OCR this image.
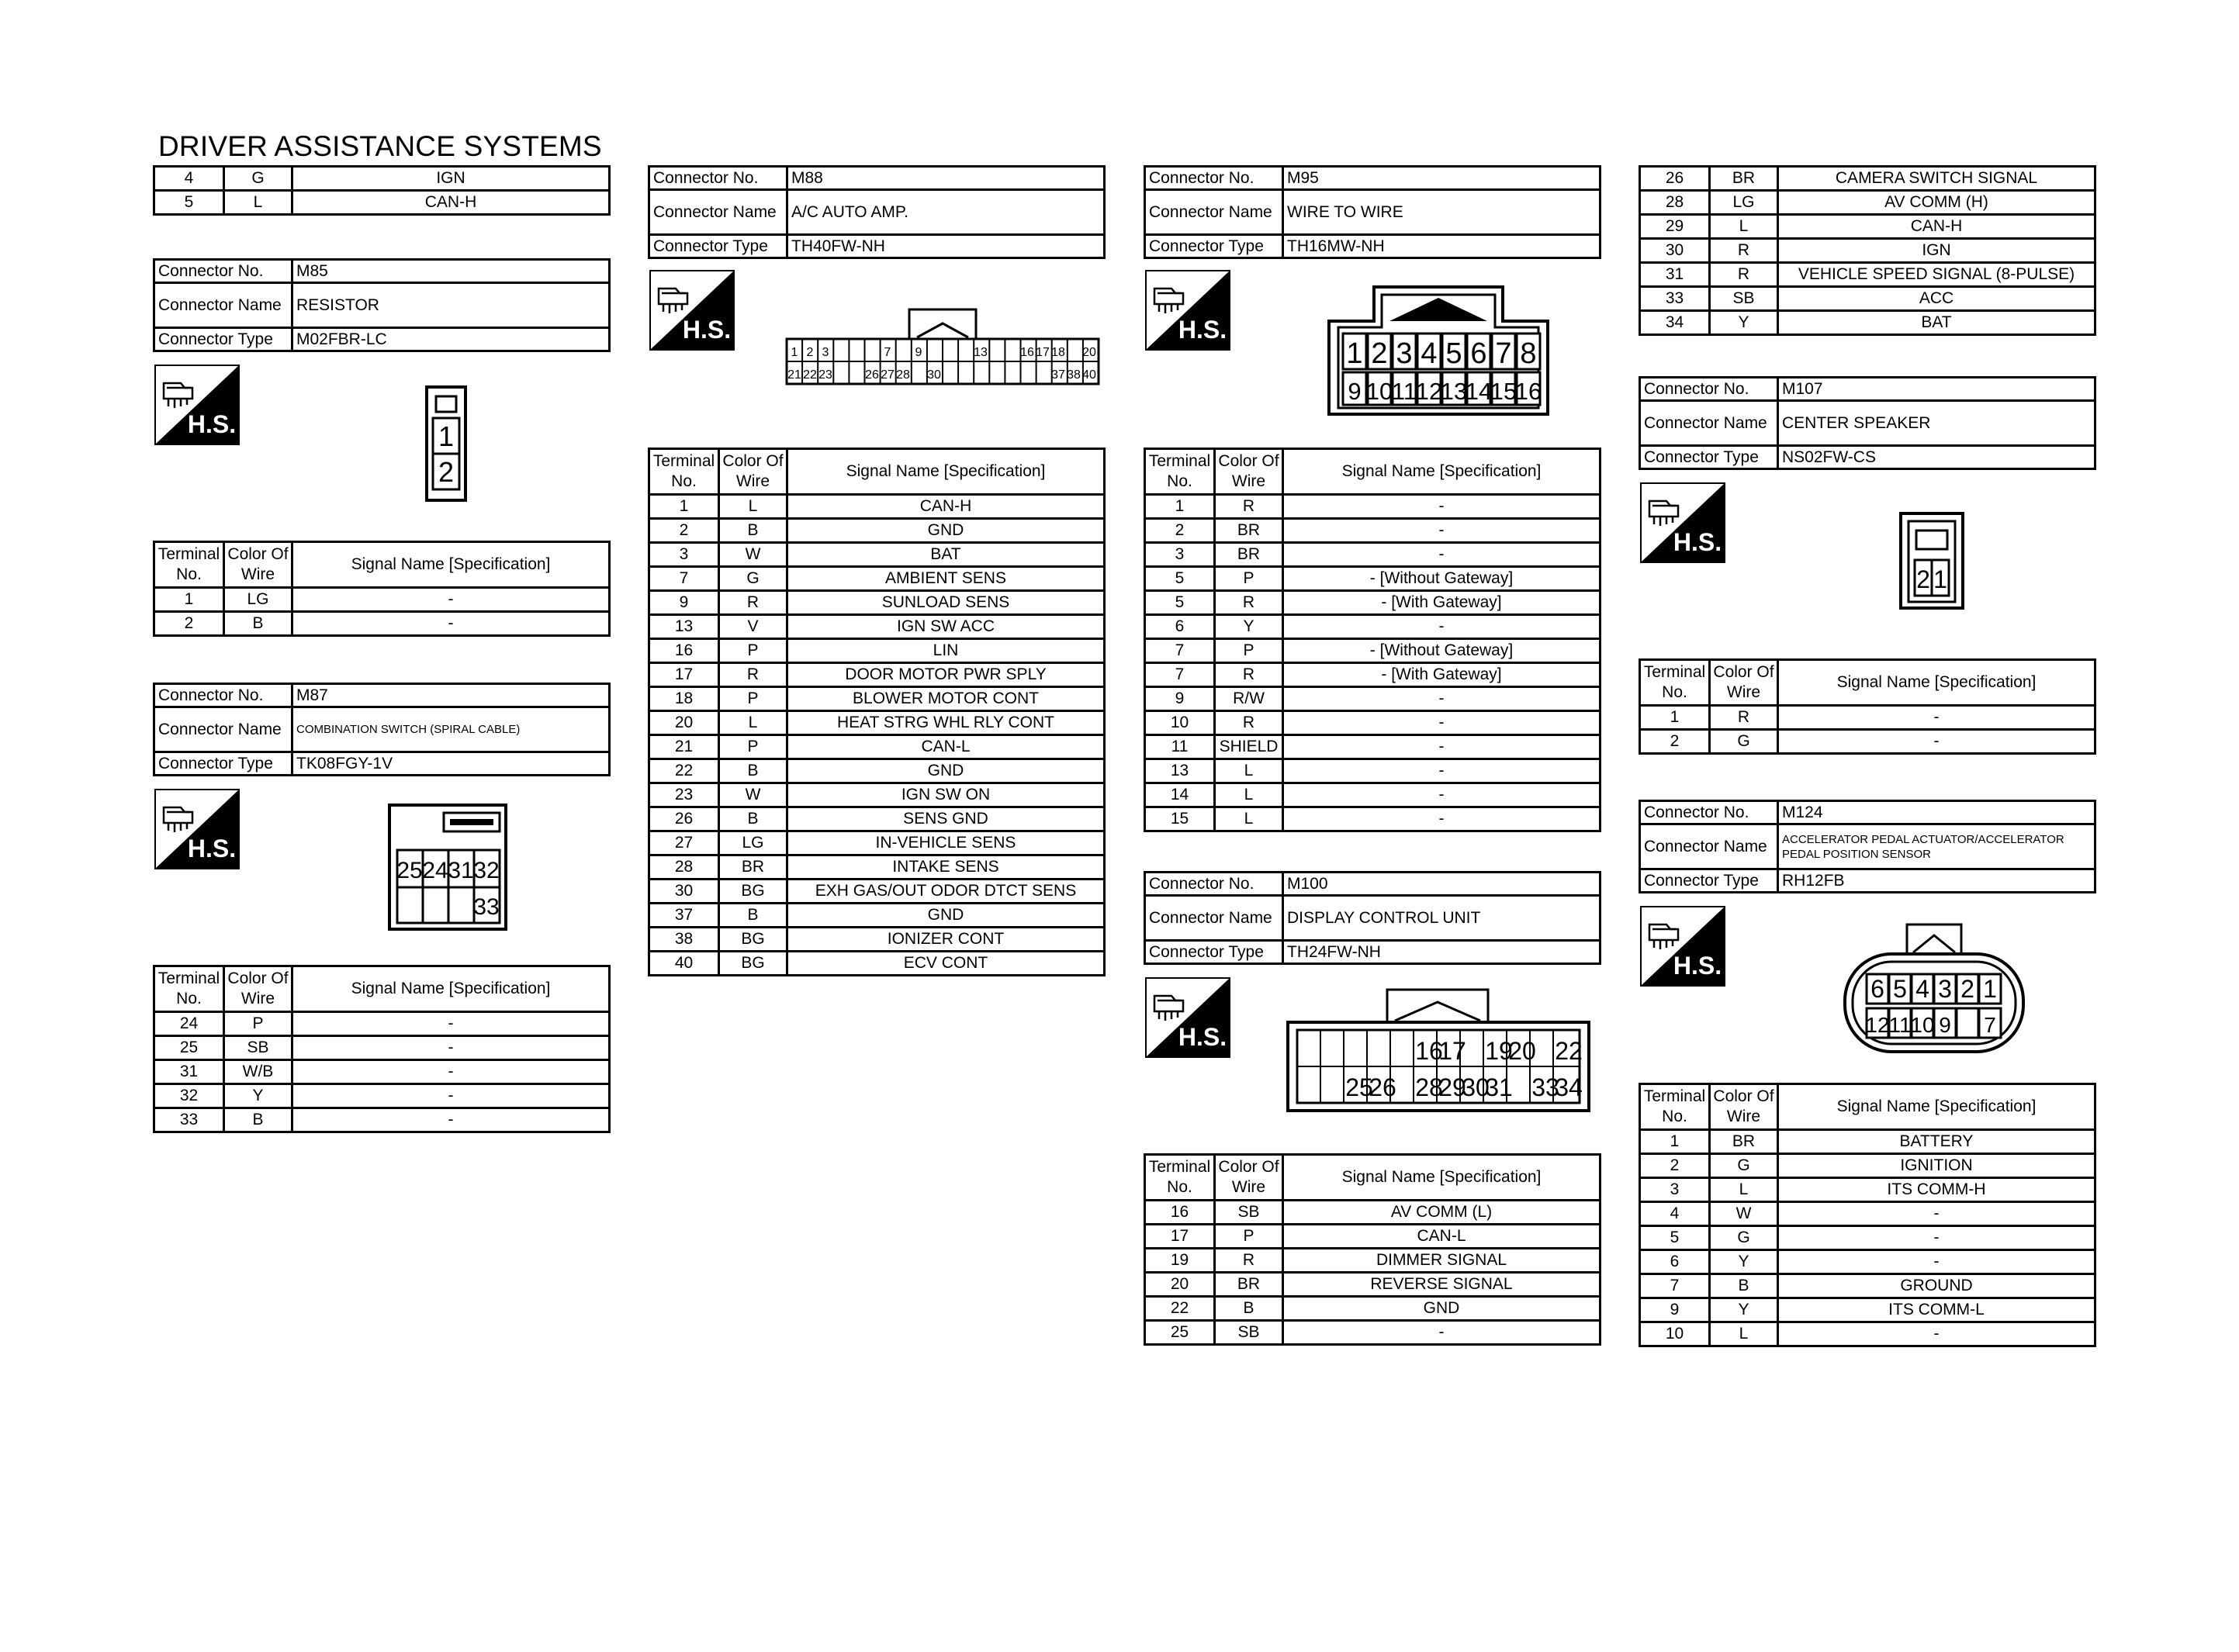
DRIVER ASSISTANCE SYSTEMS
4	G	IGN
5	L	CAN-H
Connector No.	M85
Connector Name	RESISTOR
Connector Type	M02FBR-LC
H.S.	1
2
Terminal No.	Color Of Wire	Signal Name [Specification]
1	LG	-
2	B	-
Connector No.	M87
Connector Name	COMBINATION SWITCH (SPIRAL CABLE)
Connector Type	TK08FGY-1V
H.S.
25 24 31 32
33
Terminal No.	Color Of Wire	Signal Name [Specification]
24	P	-
25	SB	-
31	W/B	-
32	Y	-
33	B	-
Connector No.	M88
Connector Name	A/C AUTO AMP.
Connector Type	TH40FW-NH
H.S.
1 2 3	7 9	13	16 17 18 20
21 22 23	26 27 28 30	37 38 40
Terminal No.	Color Of Wire	Signal Name [Specification]
1	L	CAN-H
2	B	GND
3	W	BAT
7	G	AMBIENT SENS
9	R	SUNLOAD SENS
13	V	IGN SW ACC
16	P	LIN
17	R	DOOR MOTOR PWR SPLY
18	P	BLOWER MOTOR CONT
20	L	HEAT STRG WHL RLY CONT
21	P	CAN-L
22	B	GND
23	W	IGN SW ON
26	B	SENS GND
27	LG	IN-VEHICLE SENS
28	BR	INTAKE SENS
30	BG	EXH GAS/OUT ODOR DTCT SENS
37	B	GND
38	BG	IONIZER CONT
40	BG	ECV CONT
Connector No.	M95
Connector Name	WIRE TO WIRE
Connector Type	TH16MW-NH
H.S.
1 2 3 4 5 6 7 8
9 10
11
12
13
14
15
16
Terminal No.	Color Of Wire	Signal Name [Specification]
1	R	-
2	BR	-
3	BR	-
5	P	- [Without Gateway]
5	R	- [With Gateway]
6	Y	-
7	P	- [Without Gateway]
7	R	- [With Gateway]
9	R/W	-
10	R	-
11	SHIELD	-
13	L	-
14	L	-
15	L	-
Connector No.	M100
Connector Name	DISPLAY CONTROL UNIT
Connector Type	TH24FW-NH
H.S.	16
17 19
20 22
25
26 28
29
30
31 33
34
Terminal No.	Color Of Wire	Signal Name [Specification]
16	SB	AV COMM (L)
17	P	CAN-L
19	R	DIMMER SIGNAL
20	BR	REVERSE SIGNAL
22	B	GND
25	SB	-
26	BR	CAMERA SWITCH SIGNAL
28	LG	AV COMM (H)
29	L	CAN-H
30	R	IGN
31	R	VEHICLE SPEED SIGNAL (8-PULSE)
33	SB	ACC
34	Y	BAT
Connector No.	M107
Connector Name	CENTER SPEAKER
Connector Type	NS02FW-CS
H.S.
2 1
Terminal No.	Color Of Wire	Signal Name [Specification]
1	R	-
2	G	-
Connector No.	M124
Connector Name	ACCELERATOR PEDAL ACTUATOR/ACCELERATOR PEDAL POSITION SENSOR
Connector Type	RH12FB
H.S.
6 5 4 3 2 1
12
11
10 9 7
Terminal No.	Color Of Wire	Signal Name [Specification]
1	BR	BATTERY
2	G	IGNITION
3	L	ITS COMM-H
4	W	-
5	G	-
6	Y	-
7	B	GROUND
9	Y	ITS COMM-L
10	L	-
